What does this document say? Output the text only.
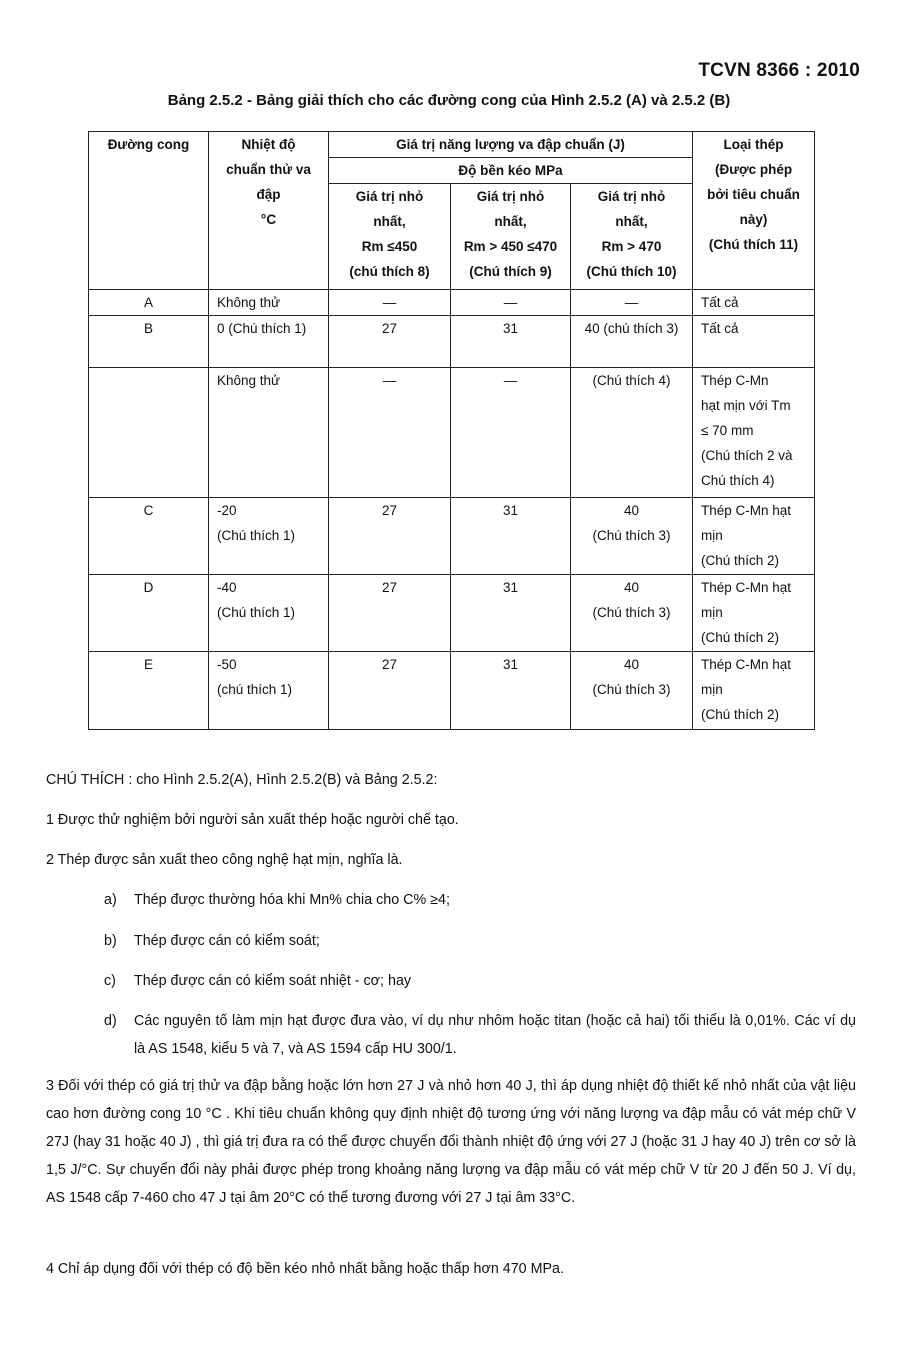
TCVN 8366 : 2010
Bảng 2.5.2 - Bảng giải thích cho các đường cong của Hình 2.5.2 (A) và 2.5.2 (B)
Đường cong	Nhiệt độ
chuẩn thử va
đập
°C	Giá trị năng lượng va đập chuẩn (J)			Loại thép
(Được phép
bởi tiêu chuẩn
này)
(Chú thích 11)

		Độ bền kéo MPa			

		Giá trị nhỏ
nhất,
Rm ≤450
(chú thích 8)	Giá trị nhỏ
nhất,
Rm > 450 ≤470
(Chú thích 9)	Giá trị nhỏ
nhất,
Rm > 470
(Chú thích 10)	

A	Không thử	—	—	—	Tất cả

B	0 (Chú thích 1)	27	31	40 (chú thích 3)	Tất cả

	Không thử	—	—	(Chú thích 4)	Thép C-Mn
hạt mịn với Tm
≤ 70 mm
(Chú thích 2 và
Chú thích 4)

C	-20
(Chú thích 1)	27	31	40
(Chú thích 3)	Thép C-Mn hạt
mịn
(Chú thích 2)

D	-40
(Chú thích 1)	27	31	40
(Chú thích 3)	Thép C-Mn hạt
mịn
(Chú thích 2)

E	-50
(chú thích 1)	27	31	40
(Chú thích 3)	Thép C-Mn hạt
mịn
(Chú thích 2)
CHÚ THÍCH : cho Hình 2.5.2(A), Hình 2.5.2(B) và Bảng 2.5.2:
1 Được thử nghiệm bởi người sản xuất thép hoặc người chế tạo.
2 Thép được sản xuất theo công nghệ hạt mịn, nghĩa là.
a) Thép được thường hóa khi Mn% chia cho C% ≥4;
b) Thép được cán có kiểm soát;
c) Thép được cán có kiểm soát nhiệt - cơ; hay
d)	Các nguyên tố làm mịn hạt được đưa vào, ví dụ như nhôm hoặc titan (hoặc cả hai) tối thiểu là 0,01%. Các ví dụ là AS 1548, kiểu 5 và 7, và AS 1594 cấp HU 300/1.
3 Đối với thép có giá trị thử va đập bằng hoặc lớn hơn 27 J và nhỏ hơn 40 J, thì áp dụng nhiệt độ thiết kế nhỏ nhất của vật liệu cao hơn đường cong 10 °C . Khi tiêu chuẩn không quy định nhiệt độ tương ứng với năng lượng va đập mẫu có vát mép chữ V 27J (hay 31 hoặc 40 J) , thì giá trị đưa ra có thể được chuyển đổi thành nhiệt độ ứng với 27 J (hoặc 31 J hay 40 J) trên cơ sở là 1,5 J/°C. Sự chuyển đổi này phải được phép trong khoảng năng lượng va đập mẫu có vát mép chữ V từ 20 J đến 50 J. Ví dụ, AS 1548 cấp 7-460 cho 47 J tại âm 20°C có thể tương đương với 27 J tại âm 33°C.
4 Chỉ áp dụng đối với thép có độ bền kéo nhỏ nhất bằng hoặc thấp hơn 470 MPa.
